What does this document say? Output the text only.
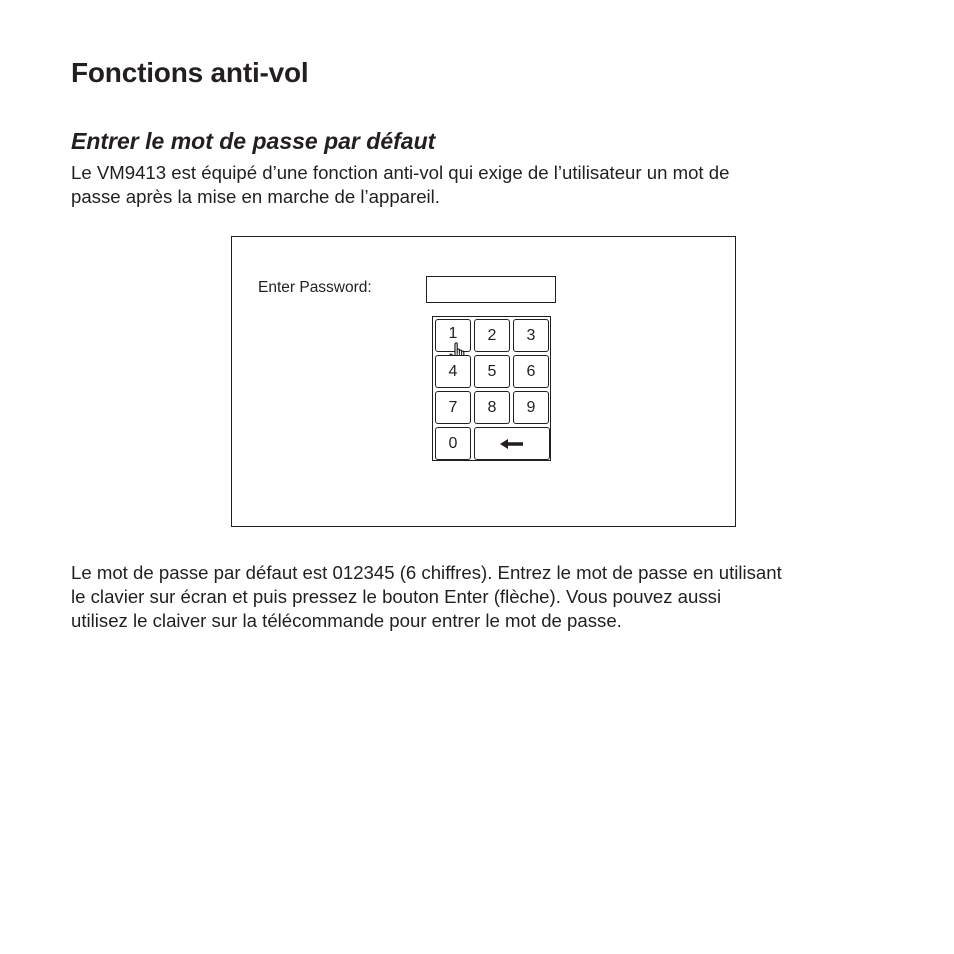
Fonctions anti-vol
Entrer le mot de passe par défaut

Le VM9413 est équipé d’une fonction anti-vol qui exige de l’utilisateur un mot de
passe après la mise en marche de l’appareil.

Enter Password:
1 2 3
4 5 6
7 8 9
0

Le mot de passe par défaut est 012345 (6 chiffres). Entrez le mot de passe en utilisant
le clavier sur écran et puis pressez le bouton Enter (flèche). Vous pouvez aussi
utilisez le claiver sur la télécommande pour entrer le mot de passe.
